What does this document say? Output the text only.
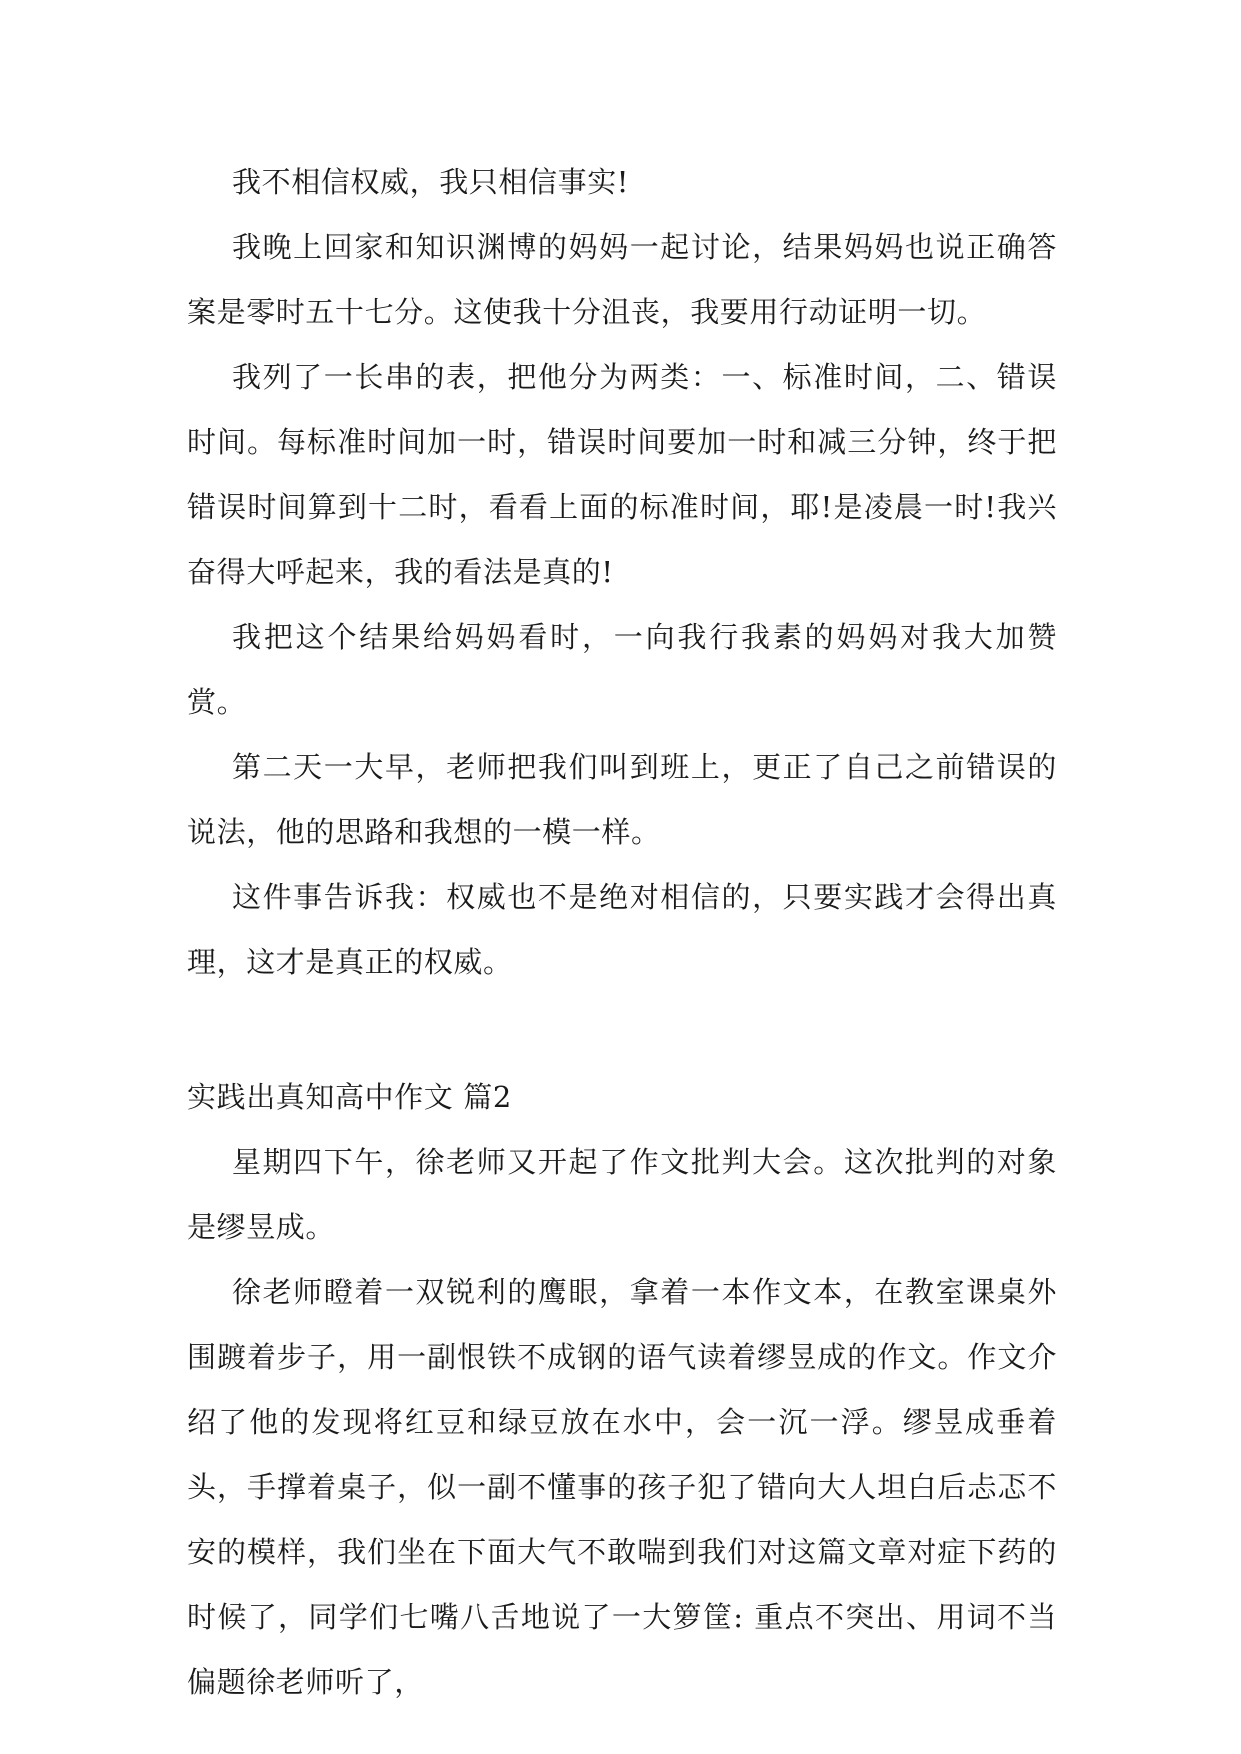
我不相信权威，我只相信事实!

我晚上回家和知识渊博的妈妈一起讨论，结果妈妈也说正确答案是零时五十七分。这使我十分沮丧，我要用行动证明一切。

我列了一长串的表，把他分为两类：一、标准时间，二、错误时间。每标准时间加一时，错误时间要加一时和减三分钟，终于把错误时间算到十二时，看看上面的标准时间，耶!是凌晨一时!我兴奋得大呼起来，我的看法是真的!

我把这个结果给妈妈看时，一向我行我素的妈妈对我大加赞赏。

第二天一大早，老师把我们叫到班上，更正了自己之前错误的说法，他的思路和我想的一模一样。

这件事告诉我：权威也不是绝对相信的，只要实践才会得出真理，这才是真正的权威。

实践出真知高中作文 篇2

星期四下午，徐老师又开起了作文批判大会。这次批判的对象是缪昱成。

徐老师瞪着一双锐利的鹰眼，拿着一本作文本，在教室课桌外围踱着步子，用一副恨铁不成钢的语气读着缪昱成的作文。作文介绍了他的发现将红豆和绿豆放在水中，会一沉一浮。缪昱成垂着头，手撑着桌子，似一副不懂事的孩子犯了错向大人坦白后忐忑不安的模样，我们坐在下面大气不敢喘到我们对这篇文章对症下药的时候了，同学们七嘴八舌地说了一大箩筐: 重点不突出、用词不当偏题徐老师听了，
